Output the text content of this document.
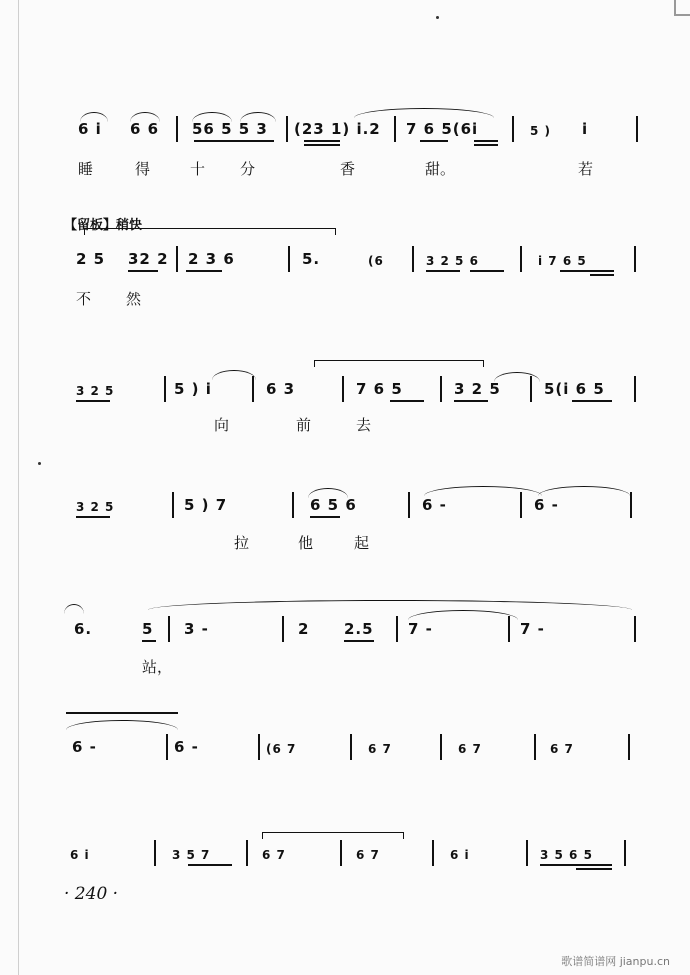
6 i 6 6 56 5 5 3 (23 1) i.2 7 6 5(6i	5 ) i
睡	得	十 分	香	甜。	若
【留板】稍快
2 5 32 2 2 3 6	5.	(6	3 2 5 6	i 7 6 5
不 然
3 2 5	5 ) i	6 3	7 6 5	3 2 5	5(i 6 5
向	前	去
3 2 5	5 ) 7	6 5 6	6 -	6 -
拉	他	起
6.	5 3 -	2 2.5 7 -	7 -
站，
6 -	6 -	(6 7	6 7	6 7	6 7
6 i	3 5 7	6 7	6 7	6 i	3 5 6 5
· 240 ·
歌谱简谱网 jianpu.cn
